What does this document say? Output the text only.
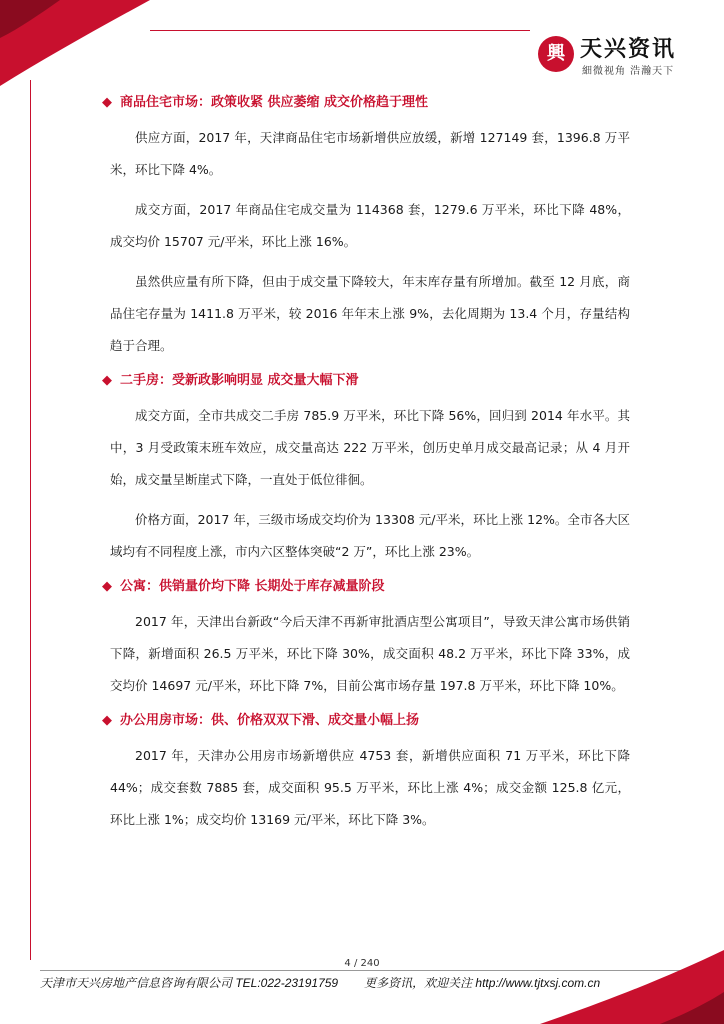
興 天兴资讯
細微视角 浩瀚天下
◆ 商品住宅市场：政策收紧 供应萎缩 成交价格趋于理性

供应方面，2017 年，天津商品住宅市场新增供应放缓，新增 127149 套，1396.8 万平米，环比下降 4%。

成交方面，2017 年商品住宅成交量为 114368 套，1279.6 万平米，环比下降 48%，成交均价 15707 元/平米，环比上涨 16%。

虽然供应量有所下降，但由于成交量下降较大，年末库存量有所增加。截至 12 月底，商品住宅存量为 1411.8 万平米，较 2016 年年末上涨 9%，去化周期为 13.4 个月，存量结构趋于合理。

◆ 二手房：受新政影响明显 成交量大幅下滑

成交方面，全市共成交二手房 785.9 万平米，环比下降 56%，回归到 2014 年水平。其中，3 月受政策末班车效应，成交量高达 222 万平米，创历史单月成交最高记录；从 4 月开始，成交量呈断崖式下降，一直处于低位徘徊。

价格方面，2017 年，三级市场成交均价为 13308 元/平米，环比上涨 12%。全市各大区域均有不同程度上涨，市内六区整体突破“2 万”，环比上涨 23%。

◆ 公寓：供销量价均下降 长期处于库存减量阶段

2017 年，天津出台新政“今后天津不再新审批酒店型公寓项目”，导致天津公寓市场供销下降，新增面积 26.5 万平米，环比下降 30%，成交面积 48.2 万平米，环比下降 33%，成交均价 14697 元/平米，环比下降 7%，目前公寓市场存量 197.8 万平米，环比下降 10%。

◆ 办公用房市场：供、价格双双下滑、成交量小幅上扬

2017 年，天津办公用房市场新增供应 4753 套，新增供应面积 71 万平米，环比下降 44%；成交套数 7885 套，成交面积 95.5 万平米，环比上涨 4%；成交金额 125.8 亿元，环比上涨 1%；成交均价 13169 元/平米，环比下降 3%。

4 / 240
天津市天兴房地产信息咨询有限公司 TEL:022-23191759 更多资讯，欢迎关注 http://www.tjtxsj.com.cn
